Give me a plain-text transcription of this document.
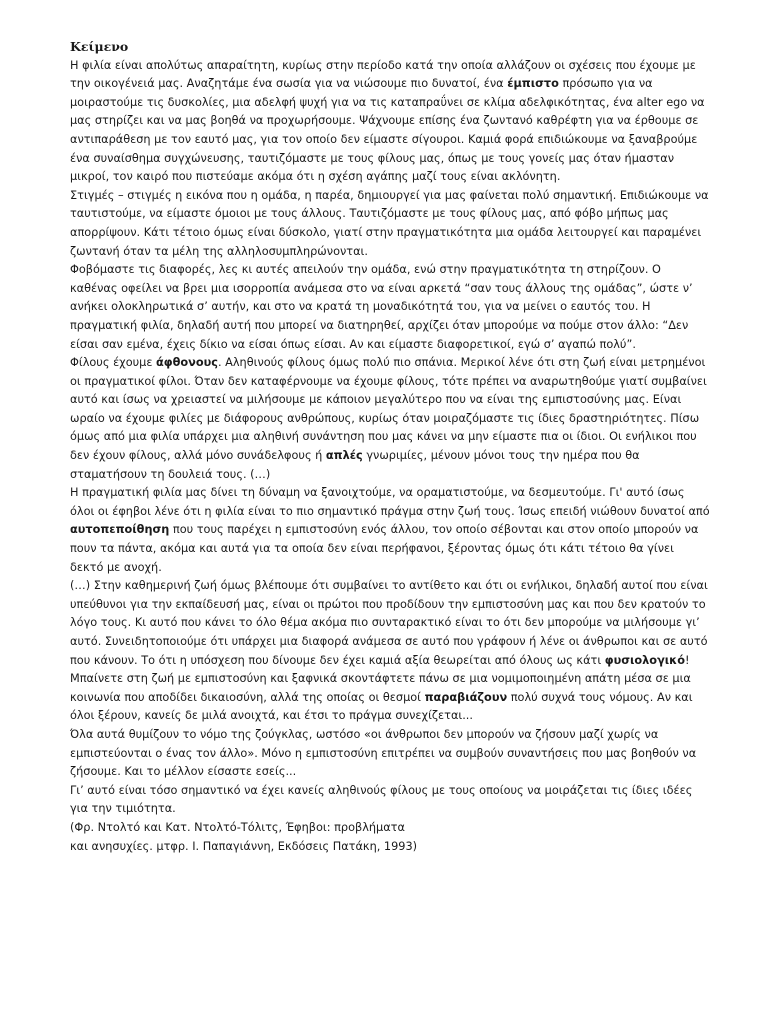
Κείμενο

Η φιλία είναι απολύτως απαραίτητη, κυρίως στην περίοδο κατά την οποία αλλάζουν οι σχέσεις που έχουμε με την οικογένειά μας. Αναζητάμε ένα σωσία για να νιώσουμε πιο δυνατοί, ένα έμπιστο πρόσωπο για να μοιραστούμε τις δυσκολίες, μια αδελφή ψυχή για να τις καταπραΰνει σε κλίμα αδελφικότητας, ένα alter ego να μας στηρίζει και να μας βοηθά να προχωρήσουμε. Ψάχνουμε επίσης ένα ζωντανό καθρέφτη για να έρθουμε σε αντιπαράθεση με τον εαυτό μας, για τον οποίο δεν είμαστε σίγουροι. Καμιά φορά επιδιώκουμε να ξαναβρούμε ένα συναίσθημα συγχώνευσης, ταυτιζόμαστε με τους φίλους μας, όπως με τους γονείς μας όταν ήμασταν μικροί, τον καιρό που πιστεύαμε ακόμα ότι η σχέση αγάπης μαζί τους είναι ακλόνητη.

Στιγμές – στιγμές η εικόνα που η ομάδα, η παρέα, δημιουργεί για μας φαίνεται πολύ σημαντική. Επιδιώκουμε να ταυτιστούμε, να είμαστε όμοιοι με τους άλλους. Ταυτιζόμαστε με τους φίλους μας, από φόβο μήπως μας απορρίψουν. Κάτι τέτοιο όμως είναι δύσκολο, γιατί στην πραγματικότητα μια ομάδα λειτουργεί και παραμένει ζωντανή όταν τα μέλη της αλληλοσυμπληρώνονται.

Φοβόμαστε τις διαφορές, λες κι αυτές απειλούν την ομάδα, ενώ στην πραγματικότητα τη στηρίζουν. Ο καθένας οφείλει να βρει μια ισορροπία ανάμεσα στο να είναι αρκετά “σαν τους άλλους της ομάδας”, ώστε ν’ ανήκει ολοκληρωτικά σ’ αυτήν, και στο να κρατά τη μοναδικότητά του, για να μείνει ο εαυτός του. Η πραγματική φιλία, δηλαδή αυτή που μπορεί να διατηρηθεί, αρχίζει όταν μπορούμε να πούμε στον άλλο: “Δεν είσαι σαν εμένα, έχεις δίκιο να είσαι όπως είσαι. Αν και είμαστε διαφορετικοί, εγώ σ’ αγαπώ πολύ”.

Φίλους έχουμε άφθονους. Αληθινούς φίλους όμως πολύ πιο σπάνια. Μερικοί λένε ότι στη ζωή είναι μετρημένοι οι πραγματικοί φίλοι. Όταν δεν καταφέρνουμε να έχουμε φίλους, τότε πρέπει να αναρωτηθούμε γιατί συμβαίνει αυτό και ίσως να χρειαστεί να μιλήσουμε με κάποιον μεγαλύτερο που να είναι της εμπιστοσύνης μας. Είναι ωραίο να έχουμε φιλίες με διάφορους ανθρώπους, κυρίως όταν μοιραζόμαστε τις ίδιες δραστηριότητες. Πίσω όμως από μια φιλία υπάρχει μια αληθινή συνάντηση που μας κάνει να μην είμαστε πια οι ίδιοι. Οι ενήλικοι που δεν έχουν φίλους, αλλά μόνο συνάδελφους ή απλές γνωριμίες, μένουν μόνοι τους την ημέρα που θα σταματήσουν τη δουλειά τους. (…)

Η πραγματική φιλία μας δίνει τη δύναμη να ξανοιχτούμε, να οραματιστούμε, να δεσμευτούμε. Γι' αυτό ίσως όλοι οι έφηβοι λένε ότι η φιλία είναι το πιο σημαντικό πράγμα στην ζωή τους. Ίσως επειδή νιώθουν δυνατοί από αυτοπεποίθηση που τους παρέχει η εμπιστοσύνη ενός άλλου, τον οποίο σέβονται και στον οποίο μπορούν να πουν τα πάντα, ακόμα και αυτά για τα οποία δεν είναι περήφανοι, ξέροντας όμως ότι κάτι τέτοιο θα γίνει δεκτό με ανοχή.

(…) Στην καθημερινή ζωή όμως βλέπουμε ότι συμβαίνει το αντίθετο και ότι οι ενήλικοι, δηλαδή αυτοί που είναι υπεύθυνοι για την εκπαίδευσή μας, είναι οι πρώτοι που προδίδουν την εμπιστοσύνη μας και που δεν κρατούν το λόγο τους. Κι αυτό που κάνει το όλο θέμα ακόμα πιο συνταρακτικό είναι το ότι δεν μπορούμε να μιλήσουμε γι’ αυτό. Συνειδητοποιούμε ότι υπάρχει μια διαφορά ανάμεσα σε αυτό που γράφουν ή λένε οι άνθρωποι και σε αυτό που κάνουν. Το ότι η υπόσχεση που δίνουμε δεν έχει καμιά αξία θεωρείται από όλους ως κάτι φυσιολογικό! Μπαίνετε στη ζωή με εμπιστοσύνη και ξαφνικά σκοντάφτετε πάνω σε μια νομιμοποιημένη απάτη μέσα σε μια κοινωνία που αποδίδει δικαιοσύνη, αλλά της οποίας οι θεσμοί παραβιάζουν πολύ συχνά τους νόμους. Αν και όλοι ξέρουν, κανείς δε μιλά ανοιχτά, και έτσι το πράγμα συνεχίζεται...

Όλα αυτά θυμίζουν το νόμο της ζούγκλας, ωστόσο «οι άνθρωποι δεν μπορούν να ζήσουν μαζί χωρίς να εμπιστεύονται ο ένας τον άλλο». Μόνο η εμπιστοσύνη επιτρέπει να συμβούν συναντήσεις που μας βοηθούν να ζήσουμε. Και το μέλλον είσαστε εσείς...

Γι’ αυτό είναι τόσο σημαντικό να έχει κανείς αληθινούς φίλους με τους οποίους να μοιράζεται τις ίδιες ιδέες για την τιμιότητα.

(Φρ. Ντολτό και Κατ. Ντολτό-Τόλιτς, Έφηβοι: προβλήματα

και ανησυχίες. μτφρ. Ι. Παπαγιάννη, Εκδόσεις Πατάκη, 1993)
